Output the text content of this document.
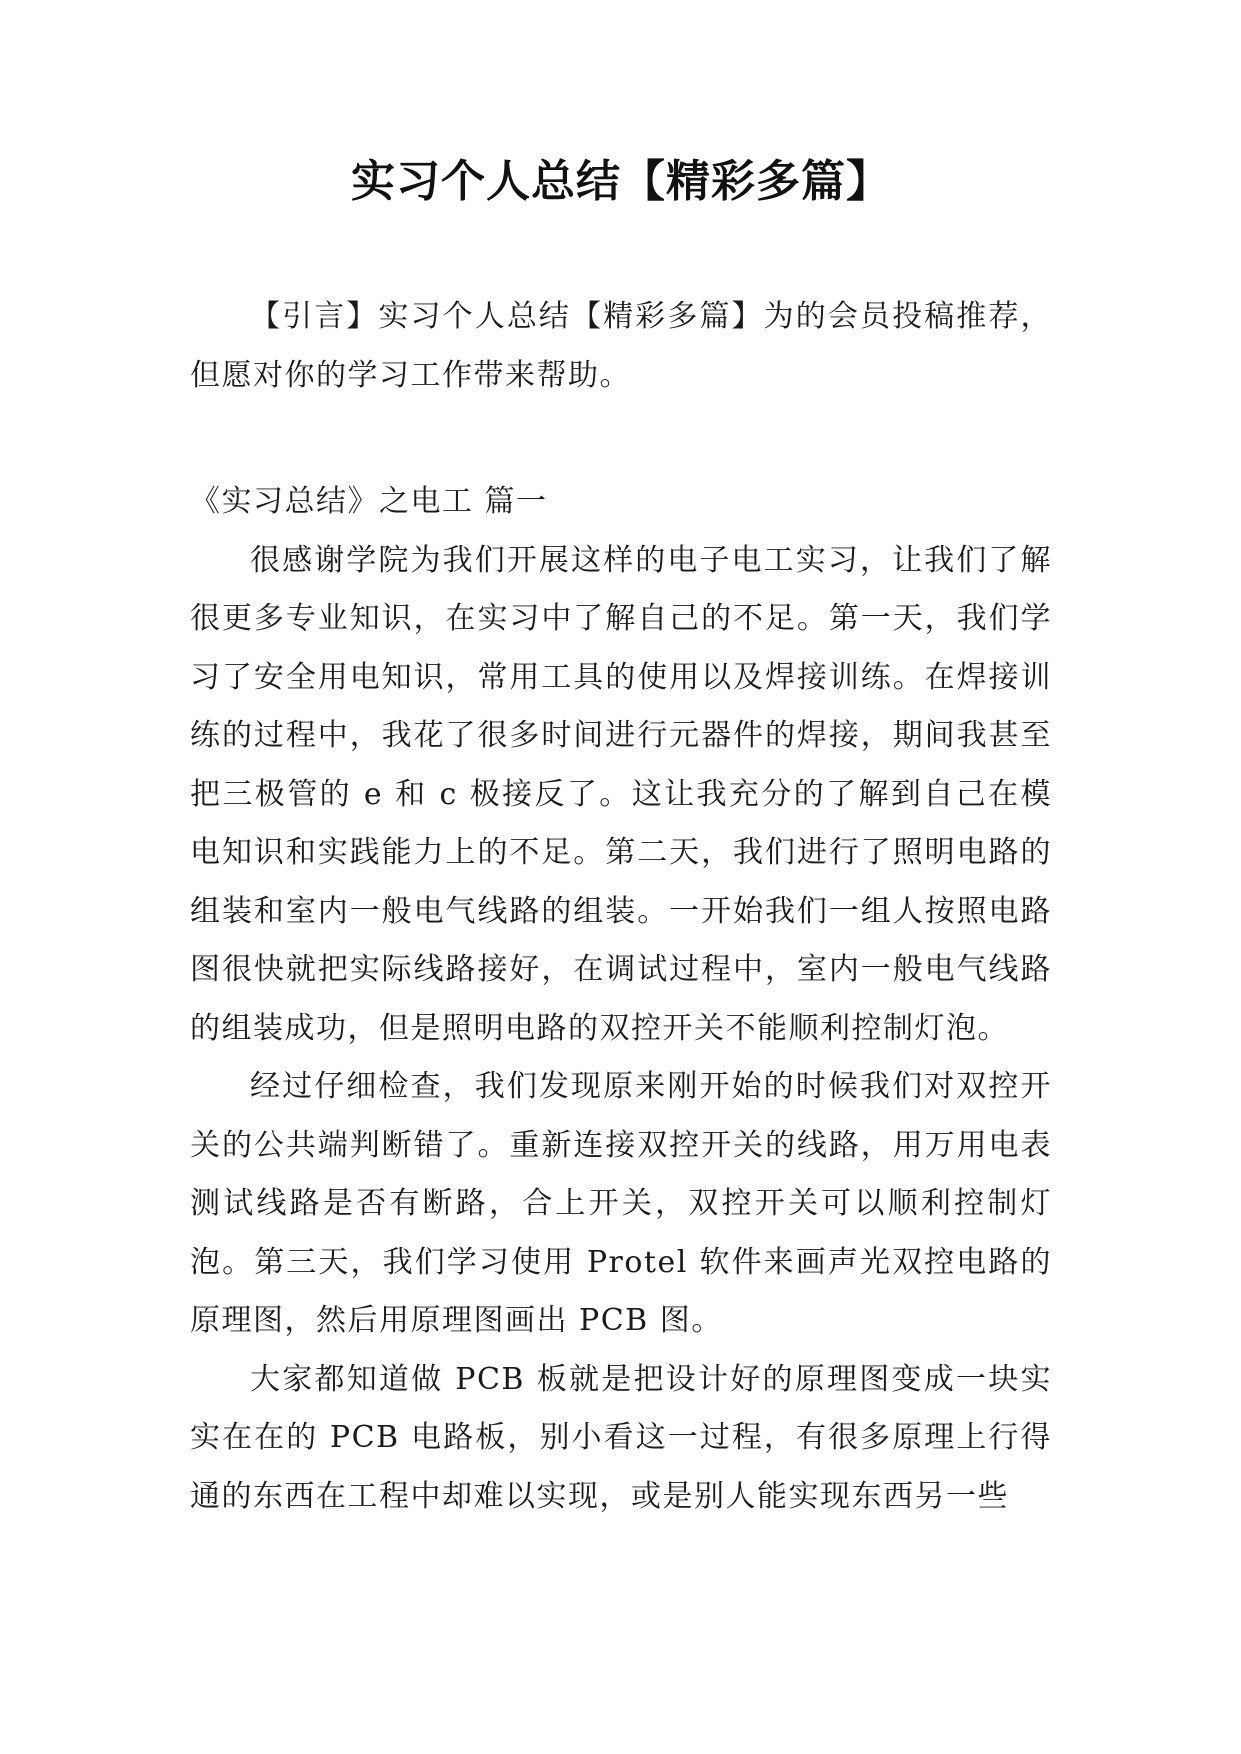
实习个人总结【精彩多篇】

【引言】实习个人总结【精彩多篇】为的会员投稿推荐，但愿对你的学习工作带来帮助。

《实习总结》之电工 篇一

很感谢学院为我们开展这样的电子电工实习，让我们了解很更多专业知识，在实习中了解自己的不足。第一天，我们学习了安全用电知识，常用工具的使用以及焊接训练。在焊接训练的过程中，我花了很多时间进行元器件的焊接，期间我甚至把三极管的 e 和 c 极接反了。这让我充分的了解到自己在模电知识和实践能力上的不足。第二天，我们进行了照明电路的组装和室内一般电气线路的组装。一开始我们一组人按照电路图很快就把实际线路接好，在调试过程中，室内一般电气线路的组装成功，但是照明电路的双控开关不能顺利控制灯泡。

经过仔细检查，我们发现原来刚开始的时候我们对双控开关的公共端判断错了。重新连接双控开关的线路，用万用电表测试线路是否有断路，合上开关，双控开关可以顺利控制灯泡。第三天，我们学习使用 Protel 软件来画声光双控电路的原理图，然后用原理图画出 PCB 图。

大家都知道做 PCB 板就是把设计好的原理图变成一块实实在在的 PCB 电路板，别小看这一过程，有很多原理上行得通的东西在工程中却难以实现，或是别人能实现东西另一些
